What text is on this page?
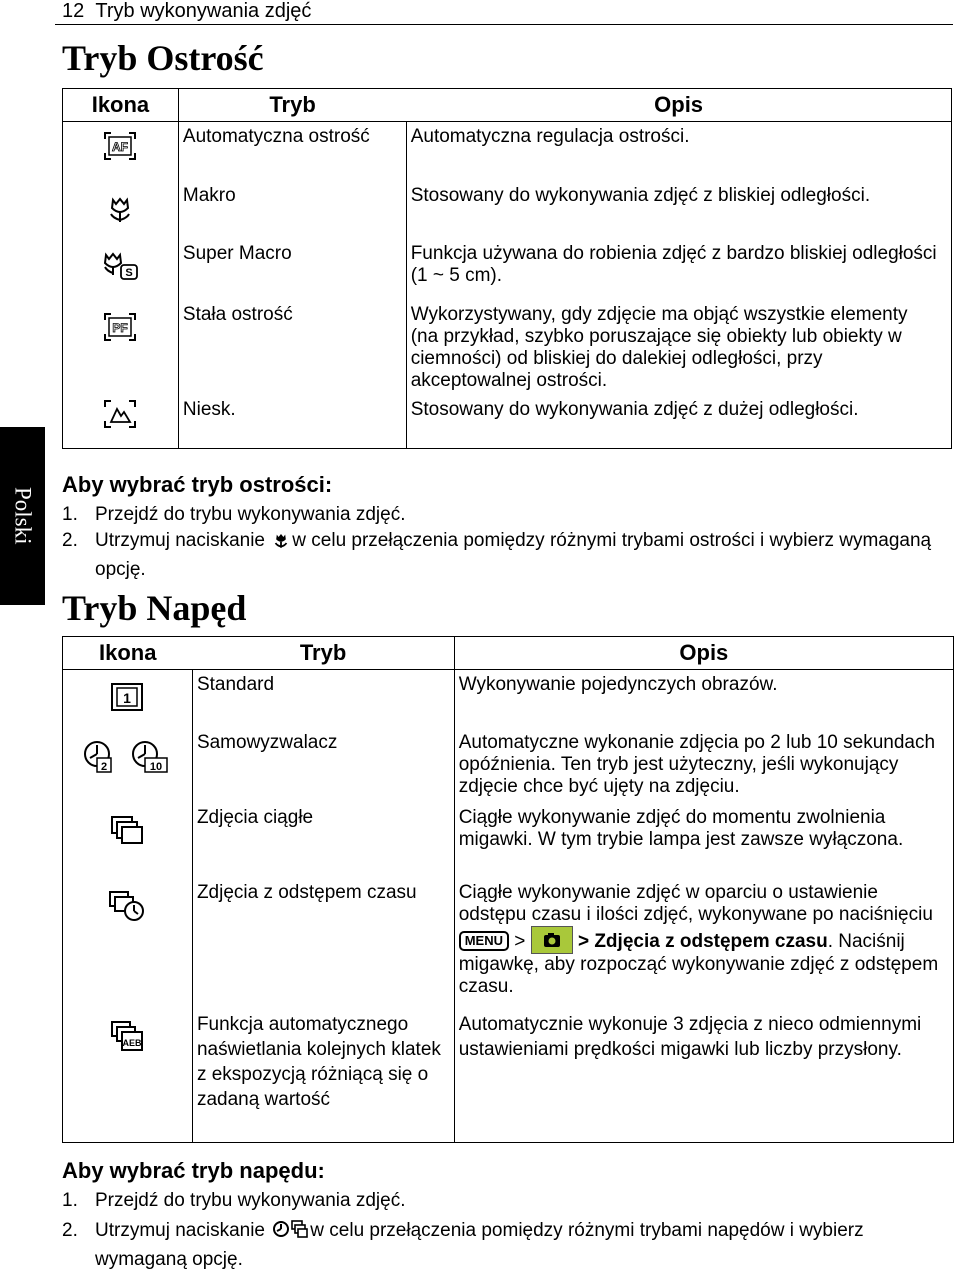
12 Tryb wykonywania zdjęć
Polski
Tryb Ostrość
Ikona	Tryb	Opis

AF	Automatyczna ostrość	Automatyczna regulacja ostrości.

	Makro	Stosowany do wykonywania zdjęć z bliskiej odległości.

S	Super Macro	Funkcja używana do robienia zdjęć z bardzo bliskiej odległości (1 ~ 5 cm).

PF	Stała ostrość	Wykorzystywany, gdy zdjęcie ma objąć wszystkie elementy (na przykład, szybko poruszające się obiekty lub obiekty w ciemności) od bliskiej do dalekiej odległości, przy akceptowalnej ostrości.

	Niesk.	Stosowany do wykonywania zdjęć z dużej odległości.
Aby wybrać tryb ostrości:
1. Przejdź do trybu wykonywania zdjęć.
2. Utrzymuj naciskanie w celu przełączenia pomiędzy różnymi trybami ostrości i wybierz wymaganą opcję.
Tryb Napęd
Ikona	Tryb	Opis

1	Standard	Wykonywanie pojedynczych obrazów.

2 10	Samowyzwalacz	Automatyczne wykonanie zdjęcia po 2 lub 10 sekundach opóźnienia. Ten tryb jest użyteczny, jeśli wykonujący zdjęcie chce być ujęty na zdjęciu.

	Zdjęcia ciągłe	Ciągłe wykonywanie zdjęć do momentu zwolnienia migawki. W tym trybie lampa jest zawsze wyłączona.

	Zdjęcia z odstępem czasu	Ciągłe wykonywanie zdjęć w oparciu o ustawienie odstępu czasu i ilości zdjęć, wykonywane po naciśnięciu MENU > > Zdjęcia z odstępem czasu. Naciśnij migawkę, aby rozpocząć wykonywanie zdjęć z odstępem czasu.

AEB	Funkcja automatycznego naświetlania kolejnych klatek z ekspozycją różniącą się o zadaną wartość	Automatycznie wykonuje 3 zdjęcia z nieco odmiennymi ustawieniami prędkości migawki lub liczby przysłony.
Aby wybrać tryb napędu:
1. Przejdź do trybu wykonywania zdjęć.
2. Utrzymuj naciskanie w celu przełączenia pomiędzy różnymi trybami napędów i wybierz wymaganą opcję.
